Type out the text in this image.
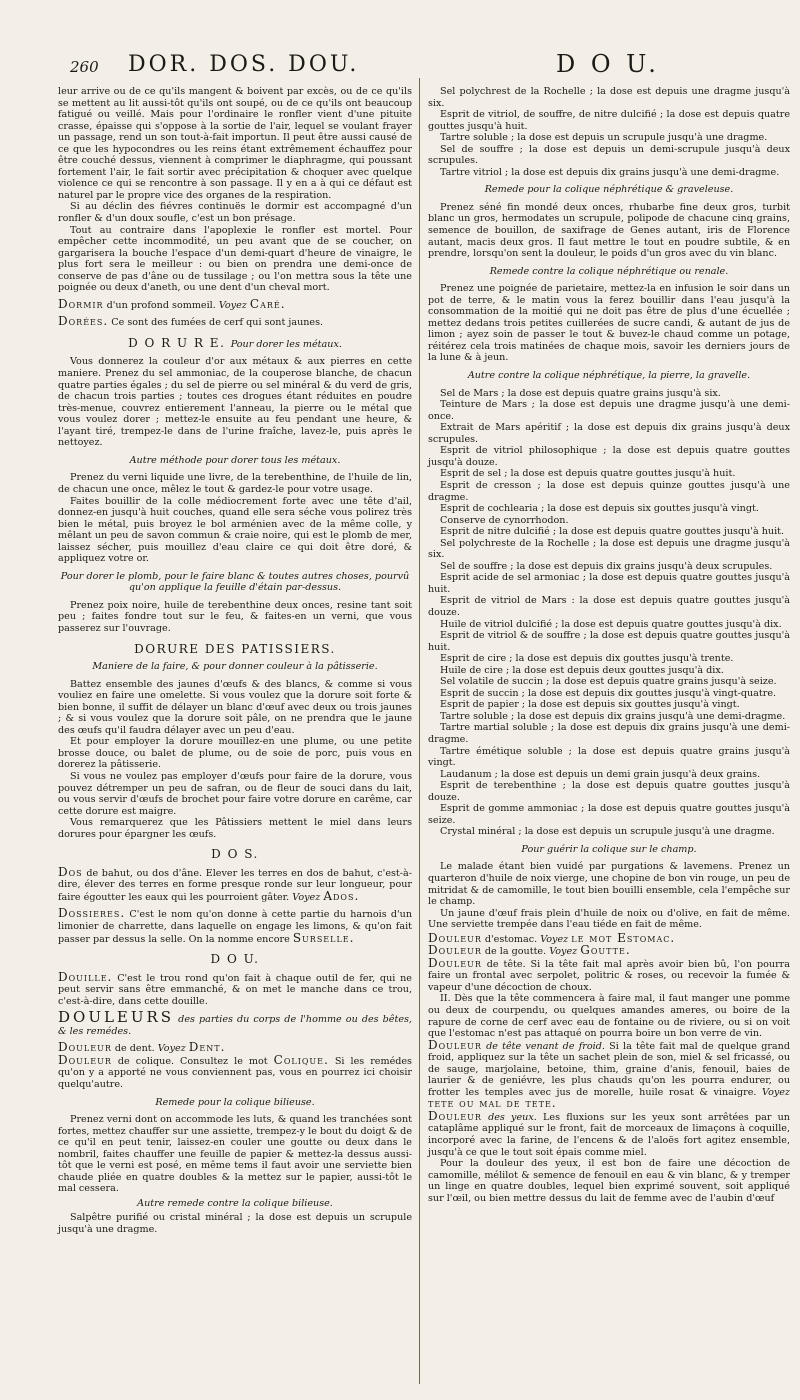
260 DOR. DOS. DOU.	D O U.

leur arrive ou de ce qu'ils mangent & boivent par excès, ou de ce qu'ils se mettent au lit aussi-tôt qu'ils ont soupé, ou de ce qu'ils ont beaucoup fatigué ou veillé. Mais pour l'ordinaire le ronfler vient d'une pituite crasse, épaisse qui s'oppose à la sortie de l'air, lequel se voulant frayer un passage, rend un son tout-à-fait importun. Il peut être aussi causé de ce que les hypocondres ou les reins étant extrêmement échauffez pour être couché dessus, viennent à comprimer le diaphragme, qui poussant fortement l'air, le fait sortir avec précipitation & choquer avec quelque violence ce qui se rencontre à son passage. Il y en a à qui ce défaut est naturel par le propre vice des organes de la respiration.

Si au déclin des fiévres continuës le dormir est accompagné d'un ronfler & d'un doux soufle, c'est un bon présage.

Tout au contraire dans l'apoplexie le ronfler est mortel. Pour empêcher cette incommodité, un peu avant que de se coucher, on gargarisera la bouche l'espace d'un demi-quart d'heure de vinaigre, le plus fort sera le meilleur : ou bien on prendra une demi-once de conserve de pas d'âne ou de tussilage ; ou l'on mettra sous la tête une poignée ou deux d'aneth, ou une dent d'un cheval mort.

Dormir d'un profond sommeil. Voyez Caré.

Dorées. Ce sont des fumées de cerf qui sont jaunes.

D O R U R E. Pour dorer les métaux.

Vous donnerez la couleur d'or aux métaux & aux pierres en cette maniere. Prenez du sel ammoniac, de la couperose blanche, de chacun quatre parties égales ; du sel de pierre ou sel minéral & du verd de gris, de chacun trois parties ; toutes ces drogues étant réduites en poudre très-menue, couvrez entierement l'anneau, la pierre ou le métal que vous voulez dorer ; mettez-le ensuite au feu pendant une heure, & l'ayant tiré, trempez-le dans de l'urine fraîche, lavez-le, puis après le nettoyez.

Autre méthode pour dorer tous les métaux.

Prenez du verni liquide une livre, de la terebenthine, de l'huile de lin, de chacun une once, mêlez le tout & gardez-le pour votre usage.

Faites bouillir de la colle médiocrement forte avec une tête d'ail, donnez-en jusqu'à huit couches, quand elle sera séche vous polirez très bien le métal, puis broyez le bol arménien avec de la même colle, y mêlant un peu de savon commun & craie noire, qui est le plomb de mer, laissez sécher, puis mouillez d'eau claire ce qui doit être doré, & appliquez votre or.

Pour dorer le plomb, pour le faire blanc & toutes autres choses, pourvû qu'on applique la feuille d'étain par-dessus.

Prenez poix noire, huile de terebenthine deux onces, resine tant soit peu ; faites fondre tout sur le feu, & faites-en un verni, que vous passerez sur l'ouvrage.

DORURE DES PATISSIERS.
Maniere de la faire, & pour donner couleur à la pâtisserie.

Battez ensemble des jaunes d'œufs & des blancs, & comme si vous vouliez en faire une omelette. Si vous voulez que la dorure soit forte & bien bonne, il suffit de délayer un blanc d'œuf avec deux ou trois jaunes ; & si vous voulez que la dorure soit pâle, on ne prendra que le jaune des œufs qu'il faudra délayer avec un peu d'eau.

Et pour employer la dorure mouillez-en une plume, ou une petite brosse douce, ou balet de plume, ou de soie de porc, puis vous en dorerez la pâtisserie.

Si vous ne voulez pas employer d'œufs pour faire de la dorure, vous pouvez détremper un peu de safran, ou de fleur de souci dans du lait, ou vous servir d'œufs de brochet pour faire votre dorure en carême, car cette dorure est maigre.

Vous remarquerez que les Pâtissiers mettent le miel dans leurs dorures pour épargner les œufs.

D O S.

Dos de bahut, ou dos d'âne. Elever les terres en dos de bahut, c'est-à-dire, élever des terres en forme presque ronde sur leur longueur, pour faire égoutter les eaux qui les pourroient gâter. Voyez Ados.

Dossieres. C'est le nom qu'on donne à cette partie du harnois d'un limonier de charrette, dans laquelle on engage les limons, & qu'on fait passer par dessus la selle. On la nomme encore Surselle.

D O U.

Douille. C'est le trou rond qu'on fait à chaque outil de fer, qui ne peut servir sans être emmanché, & on met le manche dans ce trou, c'est-à-dire, dans cette douille.

DOULEURS des parties du corps de l'homme ou des bêtes, & les remédes.

Douleur de dent. Voyez Dent.

Douleur de colique. Consultez le mot Colique. Si les remédes qu'on y a apporté ne vous conviennent pas, vous en pourrez ici choisir quelqu'autre.

Remede pour la colique bilieuse.

Prenez verni dont on accommode les luts, & quand les tranchées sont fortes, mettez chauffer sur une assiette, trempez-y le bout du doigt & de ce qu'il en peut tenir, laissez-en couler une goutte ou deux dans le nombril, faites chauffer une feuille de papier & mettez-la dessus aussi-tôt que le verni est posé, en même tems il faut avoir une serviette bien chaude pliée en quatre doubles & la mettez sur le papier, aussi-tôt le mal cessera.

Autre remede contre la colique bilieuse.

Salpêtre purifié ou cristal minéral ; la dose est depuis un scrupule jusqu'à une dragme.

Sel polychrest de la Rochelle ; la dose est depuis une dragme jusqu'à six.

Esprit de vitriol, de souffre, de nitre dulcifié ; la dose est depuis quatre gouttes jusqu'à huit.

Tartre soluble ; la dose est depuis un scrupule jusqu'à une dragme.

Sel de souffre ; la dose est depuis un demi-scrupule jusqu'à deux scrupules.

Tartre vitriol ; la dose est depuis dix grains jusqu'à une demi-dragme.

Remede pour la colique néphrétique & graveleuse.

Prenez séné fin mondé deux onces, rhubarbe fine deux gros, turbit blanc un gros, hermodates un scrupule, polipode de chacune cinq grains, semence de bouillon, de saxifrage de Genes autant, iris de Florence autant, macis deux gros. Il faut mettre le tout en poudre subtile, & en prendre, lorsqu'on sent la douleur, le poids d'un gros avec du vin blanc.

Remede contre la colique néphrétique ou renale.

Prenez une poignée de parietaire, mettez-la en infusion le soir dans un pot de terre, & le matin vous la ferez bouillir dans l'eau jusqu'à la consommation de la moitié qui ne doit pas être de plus d'une écuellée ; mettez dedans trois petites cuillerées de sucre candi, & autant de jus de limon ; ayez soin de passer le tout & buvez-le chaud comme un potage, réitérez cela trois matinées de chaque mois, savoir les derniers jours de la lune & à jeun.

Autre contre la colique néphrétique, la pierre, la gravelle.

Sel de Mars ; la dose est depuis quatre grains jusqu'à six.

Teinture de Mars ; la dose est depuis une dragme jusqu'à une demi-once.

Extrait de Mars apéritif ; la dose est depuis dix grains jusqu'à deux scrupules.

Esprit de vitriol philosophique ; la dose est depuis quatre gouttes jusqu'à douze.

Esprit de sel ; la dose est depuis quatre gouttes jusqu'à huit.

Esprit de cresson ; la dose est depuis quinze gouttes jusqu'à une dragme.

Esprit de cochlearia ; la dose est depuis six gouttes jusqu'à vingt.

Conserve de cynorrhodon.

Esprit de nitre dulcifié ; la dose est depuis quatre gouttes jusqu'à huit.

Sel polychreste de la Rochelle ; la dose est depuis une dragme jusqu'à six.

Sel de souffre ; la dose est depuis dix grains jusqu'à deux scrupules.

Esprit acide de sel armoniac ; la dose est depuis quatre gouttes jusqu'à huit.

Esprit de vitriol de Mars : la dose est depuis quatre gouttes jusqu'à douze.

Huile de vitriol dulcifié ; la dose est depuis quatre gouttes jusqu'à dix.

Esprit de vitriol & de souffre ; la dose est depuis quatre gouttes jusqu'à huit.

Esprit de cire ; la dose est depuis dix gouttes jusqu'à trente.

Huile de cire ; la dose est depuis deux gouttes jusqu'à dix.

Sel volatile de succin ; la dose est depuis quatre grains jusqu'à seize.

Esprit de succin ; la dose est depuis dix gouttes jusqu'à vingt-quatre.

Esprit de papier ; la dose est depuis six gouttes jusqu'à vingt.

Tartre soluble ; la dose est depuis dix grains jusqu'à une demi-dragme.

Tartre martial soluble ; la dose est depuis dix grains jusqu'à une demi-dragme.

Tartre émétique soluble ; la dose est depuis quatre grains jusqu'à vingt.

Laudanum ; la dose est depuis un demi grain jusqu'à deux grains.

Esprit de terebenthine ; la dose est depuis quatre gouttes jusqu'à douze.

Esprit de gomme ammoniac ; la dose est depuis quatre gouttes jusqu'à seize.

Crystal minéral ; la dose est depuis un scrupule jusqu'à une dragme.

Pour guérir la colique sur le champ.

Le malade étant bien vuidé par purgations & lavemens. Prenez un quarteron d'huile de noix vierge, une chopine de bon vin rouge, un peu de mitridat & de camomille, le tout bien bouilli ensemble, cela l'empêche sur le champ.

Un jaune d'œuf frais plein d'huile de noix ou d'olive, en fait de même. Une serviette trempée dans l'eau tiéde en fait de même.

Douleur d'estomac. Voyez le mot Estomac.

Douleur de la goutte. Voyez Goutte.

Douleur de tête. Si la tête fait mal après avoir bien bû, l'on pourra faire un frontal avec serpolet, politric & roses, ou recevoir la fumée & vapeur d'une décoction de choux.

II. Dès que la tête commencera à faire mal, il faut manger une pomme ou deux de courpendu, ou quelques amandes ameres, ou boire de la rapure de corne de cerf avec eau de fontaine ou de riviere, ou si on voit que l'estomac n'est pas attaqué on pourra boire un bon verre de vin.

Douleur de tête venant de froid. Si la tête fait mal de quelque grand froid, appliquez sur la tête un sachet plein de son, miel & sel fricassé, ou de sauge, marjolaine, betoine, thim, graine d'anis, fenouil, baies de laurier & de geniévre, les plus chauds qu'on les pourra endurer, ou frotter les temples avec jus de morelle, huile rosat & vinaigre. Voyez tete ou mal de tete.

Douleur des yeux. Les fluxions sur les yeux sont arrêtées par un cataplâme appliqué sur le front, fait de morceaux de limaçons à coquille, incorporé avec la farine, de l'encens & de l'aloës fort agitez ensemble, jusqu'à ce que le tout soit épais comme miel.

Pour la douleur des yeux, il est bon de faire une décoction de camomille, mélilot & semence de fenouil en eau & vin blanc, & y tremper un linge en quatre doubles, lequel bien exprimé souvent, soit appliqué sur l'œil, ou bien mettre dessus du lait de femme avec de l'aubin d'œuf
